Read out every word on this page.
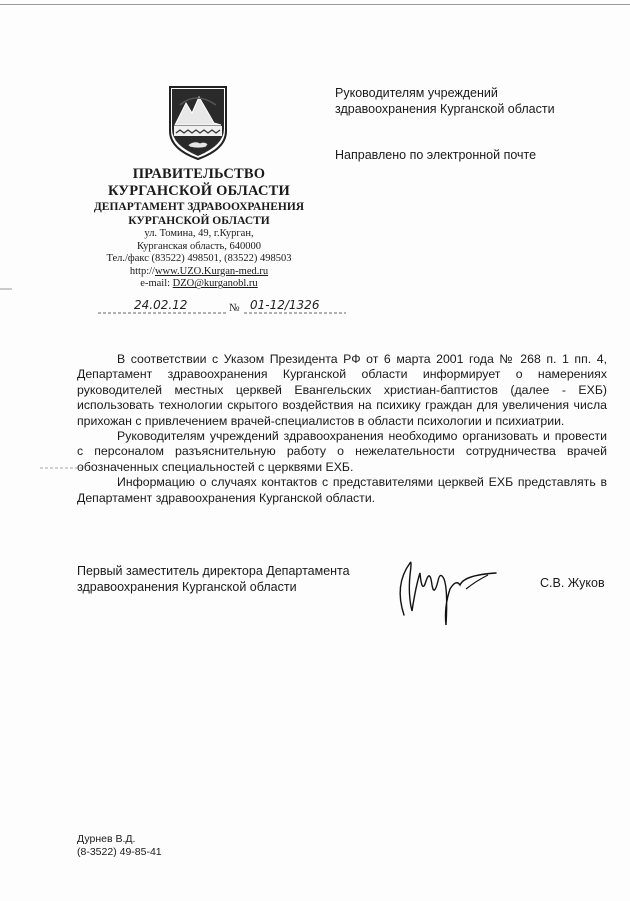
ПРАВИТЕЛЬСТВО
КУРГАНСКОЙ ОБЛАСТИ
ДЕПАРТАМЕНТ ЗДРАВООХРАНЕНИЯ
КУРГАНСКОЙ ОБЛАСТИ
ул. Томина, 49, г.Курган,
Курганская область, 640000
Тел./факс (83522) 498501, (83522) 498503
http://www.UZO.Kurgan-med.ru
e-mail: DZO@kurganobl.ru
24.02.12	№ 01-12/1326
Руководителям учреждений
здравоохранения Курганской области
Направлено по электронной почте

В соответствии с Указом Президента РФ от 6 марта 2001 года № 268 п. 1 пп. 4, Департамент здравоохранения Курганской области информирует о намерениях руководителей местных церквей Евангельских христиан-баптистов (далее - ЕХБ) использовать технологии скрытого воздействия на психику граждан для увеличения числа прихожан с привлечением врачей-специалистов в области психологии и психиатрии.

Руководителям учреждений здравоохранения необходимо организовать и провести с персоналом разъяснительную работу о нежелательности сотрудничества врачей обозначенных специальностей с церквями ЕХБ.

Информацию о случаях контактов с представителями церквей ЕХБ представлять в Департамент здравоохранения Курганской области.

Первый заместитель директора Департамента
здравоохранения Курганской области	С.В. Жуков
Дурнев В.Д.
(8-3522) 49-85-41
